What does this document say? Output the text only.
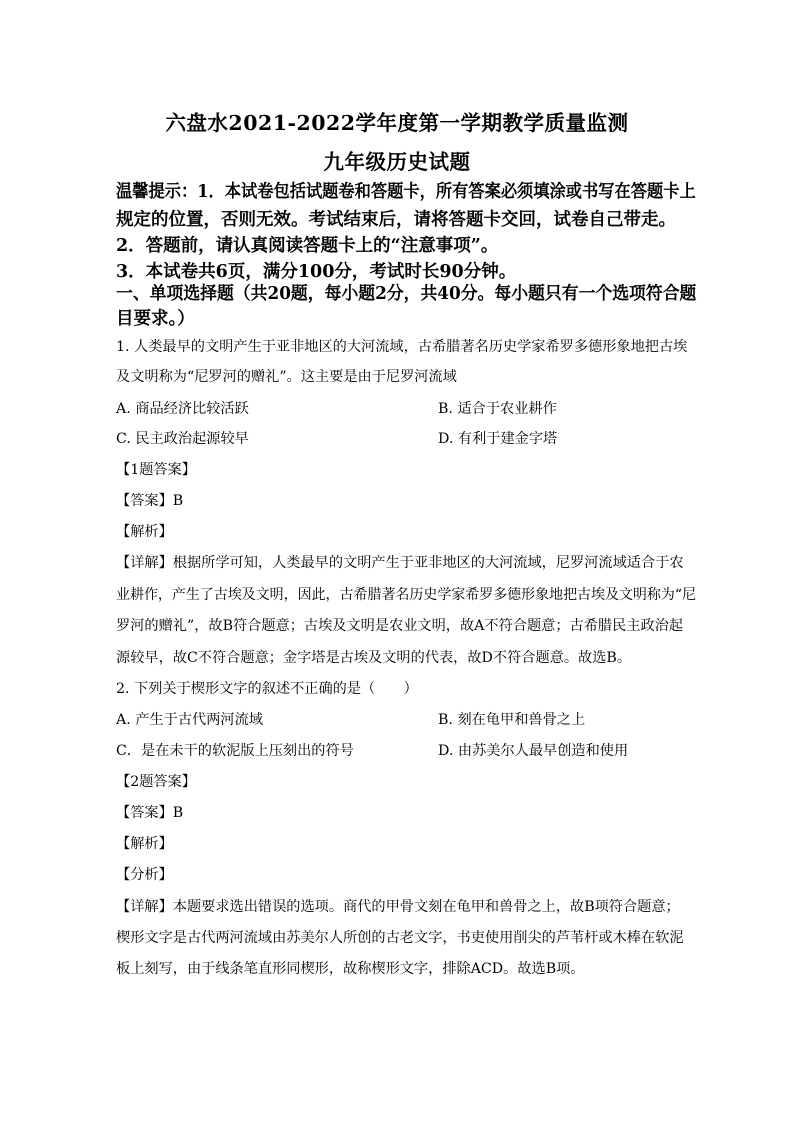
六盘水2021-2022学年度第一学期教学质量监测
九年级历史试题
温馨提示：1．本试卷包括试题卷和答题卡，所有答案必须填涂或书写在答题卡上
规定的位置，否则无效。考试结束后，请将答题卡交回，试卷自己带走。
2．答题前，请认真阅读答题卡上的“注意事项”。
3．本试卷共6页，满分100分，考试时长90分钟。
一、单项选择题（共20题，每小题2分，共40分。每小题只有一个选项符合题
目要求。）
1. 人类最早的文明产生于亚非地区的大河流域，古希腊著名历史学家希罗多德形象地把古埃
及文明称为“尼罗河的赠礼”。这主要是由于尼罗河流域
A. 商品经济比较活跃	B. 适合于农业耕作
C. 民主政治起源较早	D. 有利于建金字塔
【1题答案】
【答案】B
【解析】
【详解】根据所学可知，人类最早的文明产生于亚非地区的大河流域，尼罗河流域适合于农
业耕作，产生了古埃及文明，因此，古希腊著名历史学家希罗多德形象地把古埃及文明称为“尼
罗河的赠礼”，故B符合题意；古埃及文明是农业文明，故A不符合题意；古希腊民主政治起
源较早，故C不符合题意；金字塔是古埃及文明的代表，故D不符合题意。故选B。
2. 下列关于楔形文字的叙述不正确的是（　　）
A. 产生于古代两河流域	B. 刻在龟甲和兽骨之上
C．是在未干的软泥版上压刻出的符号	D. 由苏美尔人最早创造和使用
【2题答案】
【答案】B
【解析】
【分析】
【详解】本题要求选出错误的选项。商代的甲骨文刻在龟甲和兽骨之上，故B项符合题意；
楔形文字是古代两河流域由苏美尔人所创的古老文字，书吏使用削尖的芦苇杆或木棒在软泥
板上刻写，由于线条笔直形同楔形，故称楔形文字，排除ACD。故选B项。
